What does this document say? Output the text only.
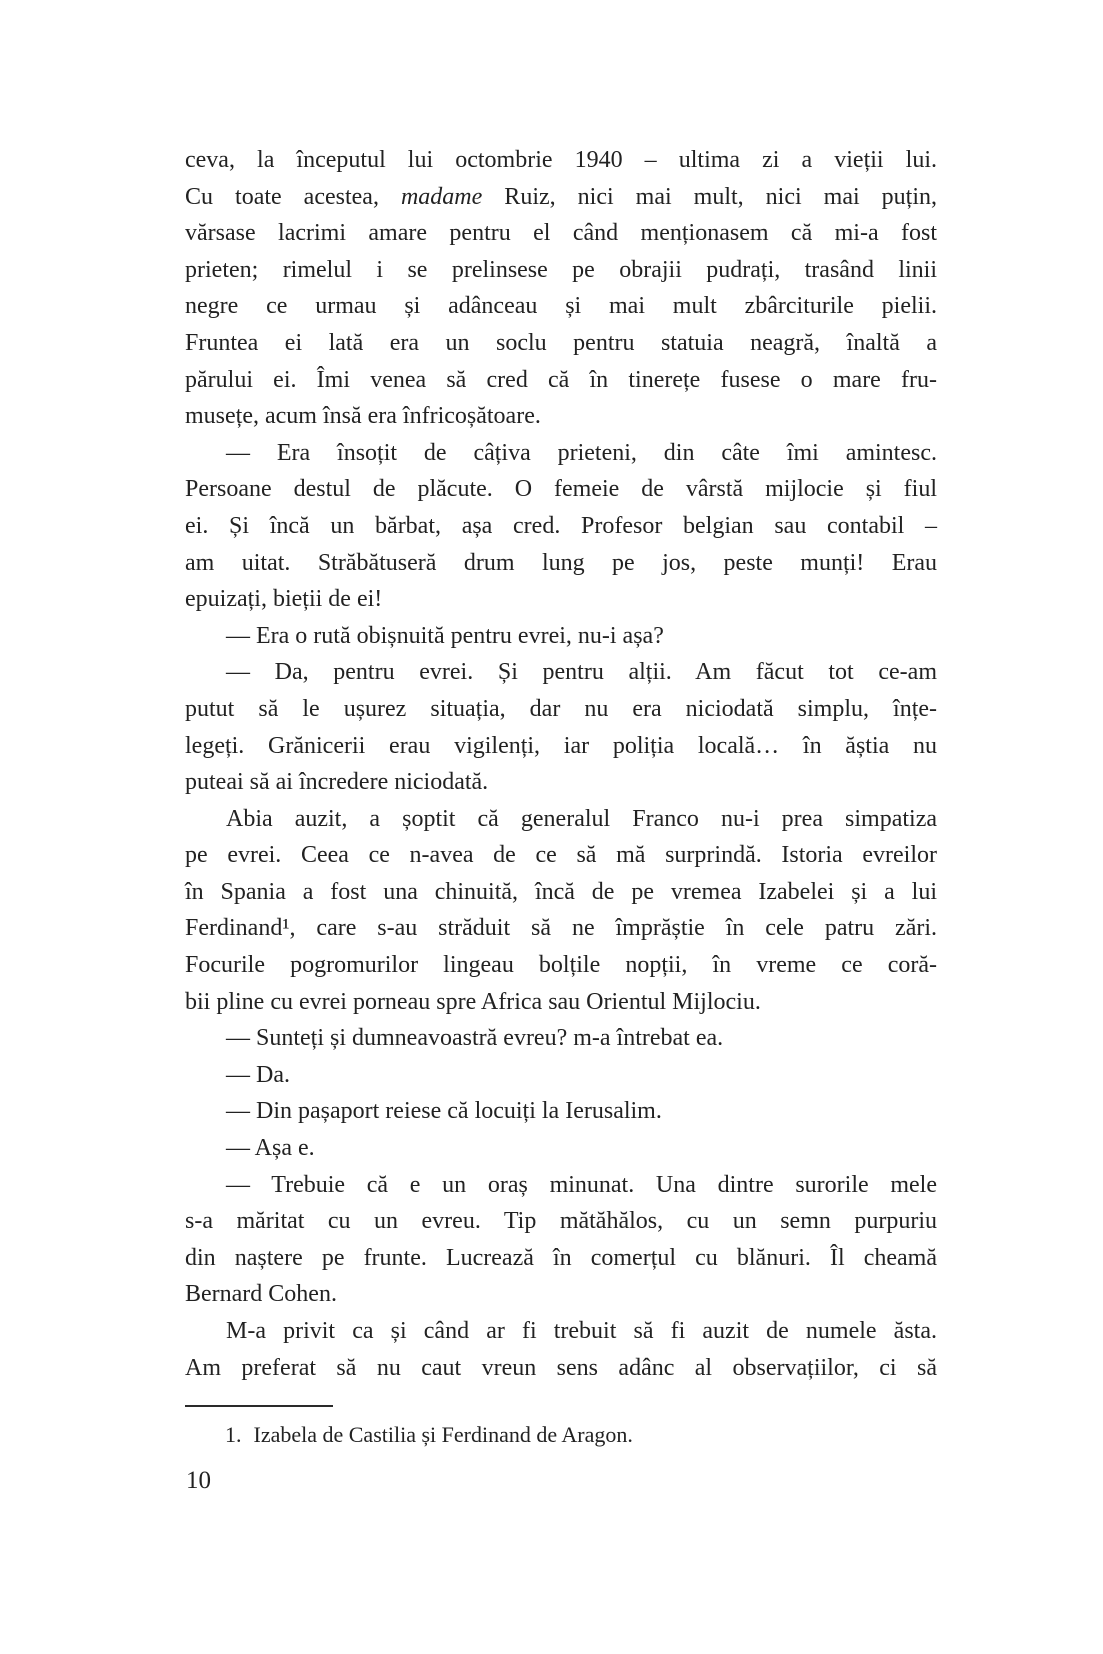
ceva, la începutul lui octombrie 1940 – ultima zi a vieții lui.
Cu toate acestea, madame Ruiz, nici mai mult, nici mai puțin,
vărsase lacrimi amare pentru el când menționasem că mi-a fost
prieten; rimelul i se prelinsese pe obrajii pudrați, trasând linii
negre ce urmau și adânceau și mai mult zbârciturile pielii.
Fruntea ei lată era un soclu pentru statuia neagră, înaltă a
părului ei. Îmi venea să cred că în tinerețe fusese o mare fru-
musețe, acum însă era înfricoșătoare.
— Era însoțit de câțiva prieteni, din câte îmi amintesc.
Persoane destul de plăcute. O femeie de vârstă mijlocie și fiul
ei. Și încă un bărbat, așa cred. Profesor belgian sau contabil –
am uitat. Străbătuseră drum lung pe jos, peste munți! Erau
epuizați, bieții de ei!
— Era o rută obișnuită pentru evrei, nu-i așa?
— Da, pentru evrei. Și pentru alții. Am făcut tot ce-am
putut să le ușurez situația, dar nu era niciodată simplu, înțe-
legeți. Grănicerii erau vigilenți, iar poliția locală… în ăștia nu
puteai să ai încredere niciodată.
Abia auzit, a șoptit că generalul Franco nu-i prea simpatiza
pe evrei. Ceea ce n-avea de ce să mă surprindă. Istoria evreilor
în Spania a fost una chinuită, încă de pe vremea Izabelei și a lui
Ferdinand¹, care s-au străduit să ne împrăștie în cele patru zări.
Focurile pogromurilor lingeau bolțile nopții, în vreme ce coră-
bii pline cu evrei porneau spre Africa sau Orientul Mijlociu.
— Sunteți și dumneavoastră evreu? m-a întrebat ea.
— Da.
— Din pașaport reiese că locuiți la Ierusalim.
— Așa e.
— Trebuie că e un oraș minunat. Una dintre surorile mele
s-a măritat cu un evreu. Tip mătăhălos, cu un semn purpuriu
din naștere pe frunte. Lucrează în comerțul cu blănuri. Îl cheamă
Bernard Cohen.
M-a privit ca și când ar fi trebuit să fi auzit de numele ăsta.
Am preferat să nu caut vreun sens adânc al observațiilor, ci să
1. Izabela de Castilia și Ferdinand de Aragon.
10
